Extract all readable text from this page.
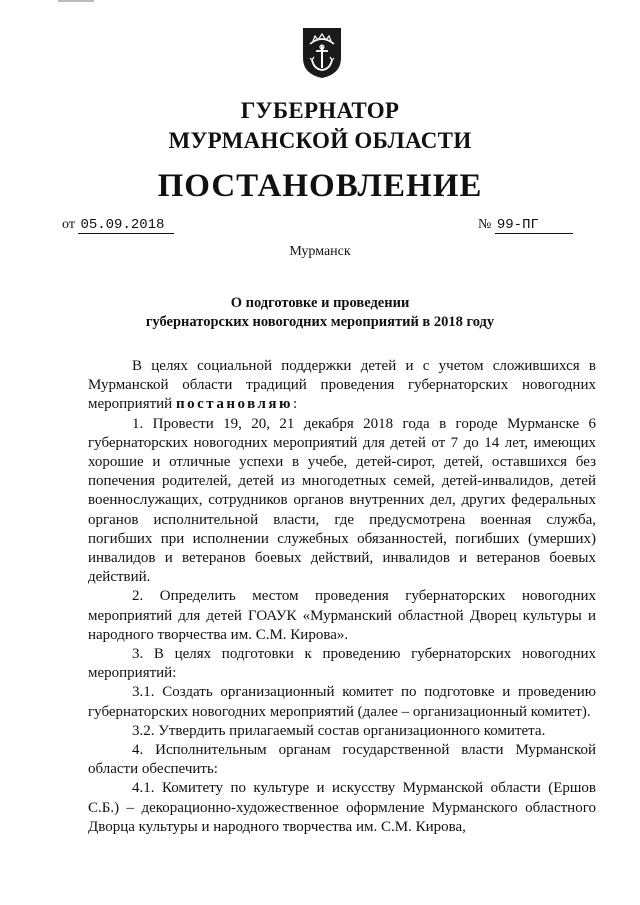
ГУБЕРНАТОР
МУРМАНСКОЙ ОБЛАСТИ
ПОСТАНОВЛЕНИЕ
от 05.09.2018	№ 99-ПГ
Мурманск
О подготовке и проведении
губернаторских новогодних мероприятий в 2018 году

В целях социальной поддержки детей и с учетом сложившихся в Мурманской области традиций проведения губернаторских новогодних мероприятий постановляю:

1. Провести 19, 20, 21 декабря 2018 года в городе Мурманске 6 губернаторских новогодних мероприятий для детей от 7 до 14 лет, имеющих хорошие и отличные успехи в учебе, детей-сирот, детей, оставшихся без попечения родителей, детей из многодетных семей, детей-инвалидов, детей военнослужащих, сотрудников органов внутренних дел, других федеральных органов исполнительной власти, где предусмотрена военная служба, погибших при исполнении служебных обязанностей, погибших (умерших) инвалидов и ветеранов боевых действий, инвалидов и ветеранов боевых действий.

2. Определить местом проведения губернаторских новогодних мероприятий для детей ГОАУК «Мурманский областной Дворец культуры и народного творчества им. С.М. Кирова».

3. В целях подготовки к проведению губернаторских новогодних мероприятий:

3.1. Создать организационный комитет по подготовке и проведению губернаторских новогодних мероприятий (далее – организационный комитет).

3.2. Утвердить прилагаемый состав организационного комитета.

4. Исполнительным органам государственной власти Мурманской области обеспечить:

4.1. Комитету по культуре и искусству Мурманской области (Ершов С.Б.) – декорационно-художественное оформление Мурманского областного Дворца культуры и народного творчества им. С.М. Кирова,
